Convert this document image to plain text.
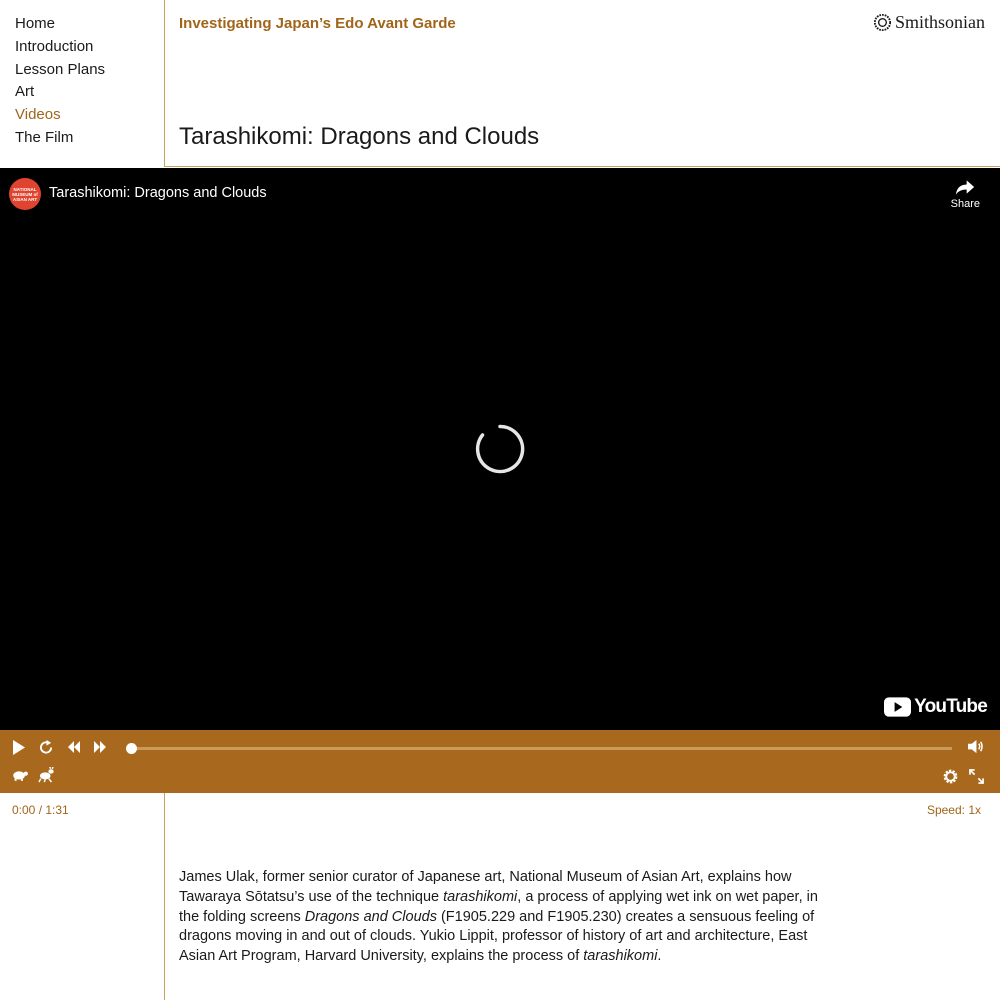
Home
Introduction
Lesson Plans
Art
Videos
The Film
Investigating Japan’s Edo Avant Garde	Smithsonian
Tarashikomi: Dragons and Clouds
NATIONAL MUSEUM of ASIAN ART Tarashikomi: Dragons and Clouds
Share
YouTube
0:00 / 1:31	Speed: 1x

James Ulak, former senior curator of Japanese art, National Museum of Asian Art, explains how Tawaraya Sōtatsu’s use of the technique tarashikomi, a process of applying wet ink on wet paper, in the folding screens Dragons and Clouds (F1905.229 and F1905.230) creates a sensuous feeling of dragons moving in and out of clouds. Yukio Lippit, professor of history of art and architecture, East Asian Art Program, Harvard University, explains the process of tarashikomi.
